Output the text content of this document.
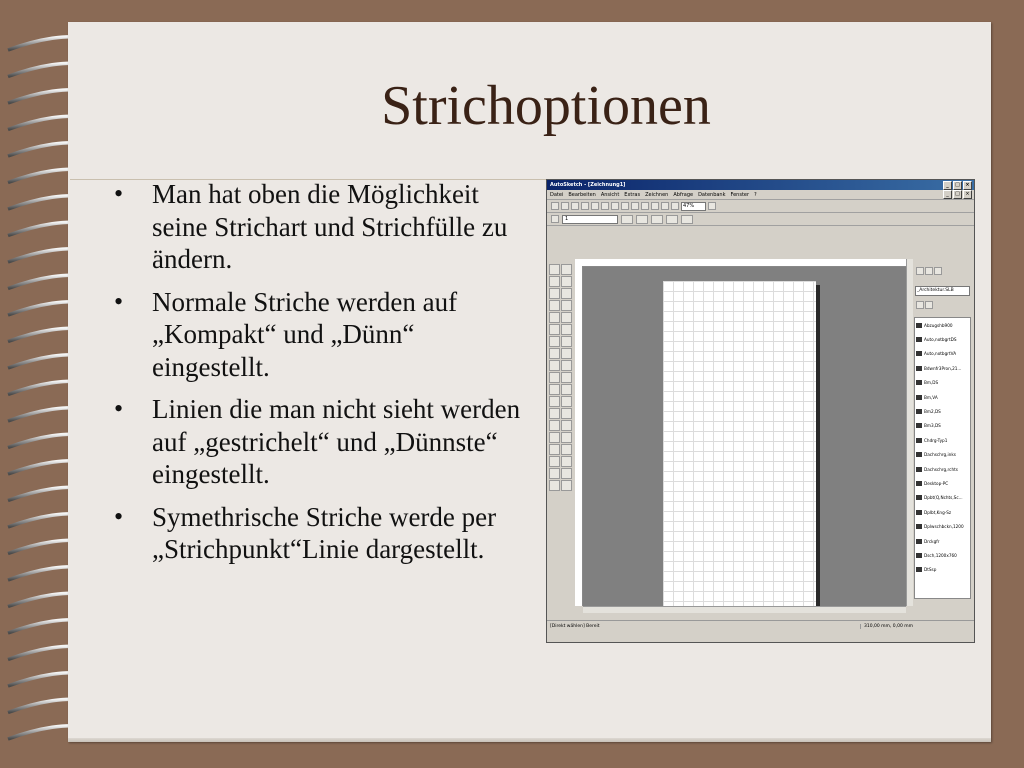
Strichoptionen
• Man hat oben die Möglichkeit seine Strichart und Strichfülle zu ändern.
• Normale Striche werden auf „Kompakt“ und „Dünn“ eingestellt.
• Linien die man nicht sieht werden auf „gestrichelt“ und „Dünnste“ eingestellt.
• Symethrische Striche werde per „Strichpunkt“Linie dargestellt.
AutoSketch - [Zeichnung1]	_	□	×
Datei Bearbeiten Ansicht Extras Zeichnen Abfrage Datenbank Fenster ?	_	□	×
47%
1
_Architektur.SLB
Abzugshb900
Auto,notbgrtDS
Auto,notbgrtVA
Bdwnfr3Pron,21...
Bm,DS
Bm,VA
Bm2,DS
Bm3,DS
Chdrg-Typ1
Dachschrg,inks
Dachschrg,rchts
Desktop-PC
Dpbt(Q,Nchts,Sc...
Dplbt,Kng-Sz
Dplwschbckn,1200
Drckgfr
Dsch,1200x760
DtSsp
[Direkt wählen] Bereit	310,00 mm, 0,00 mm
